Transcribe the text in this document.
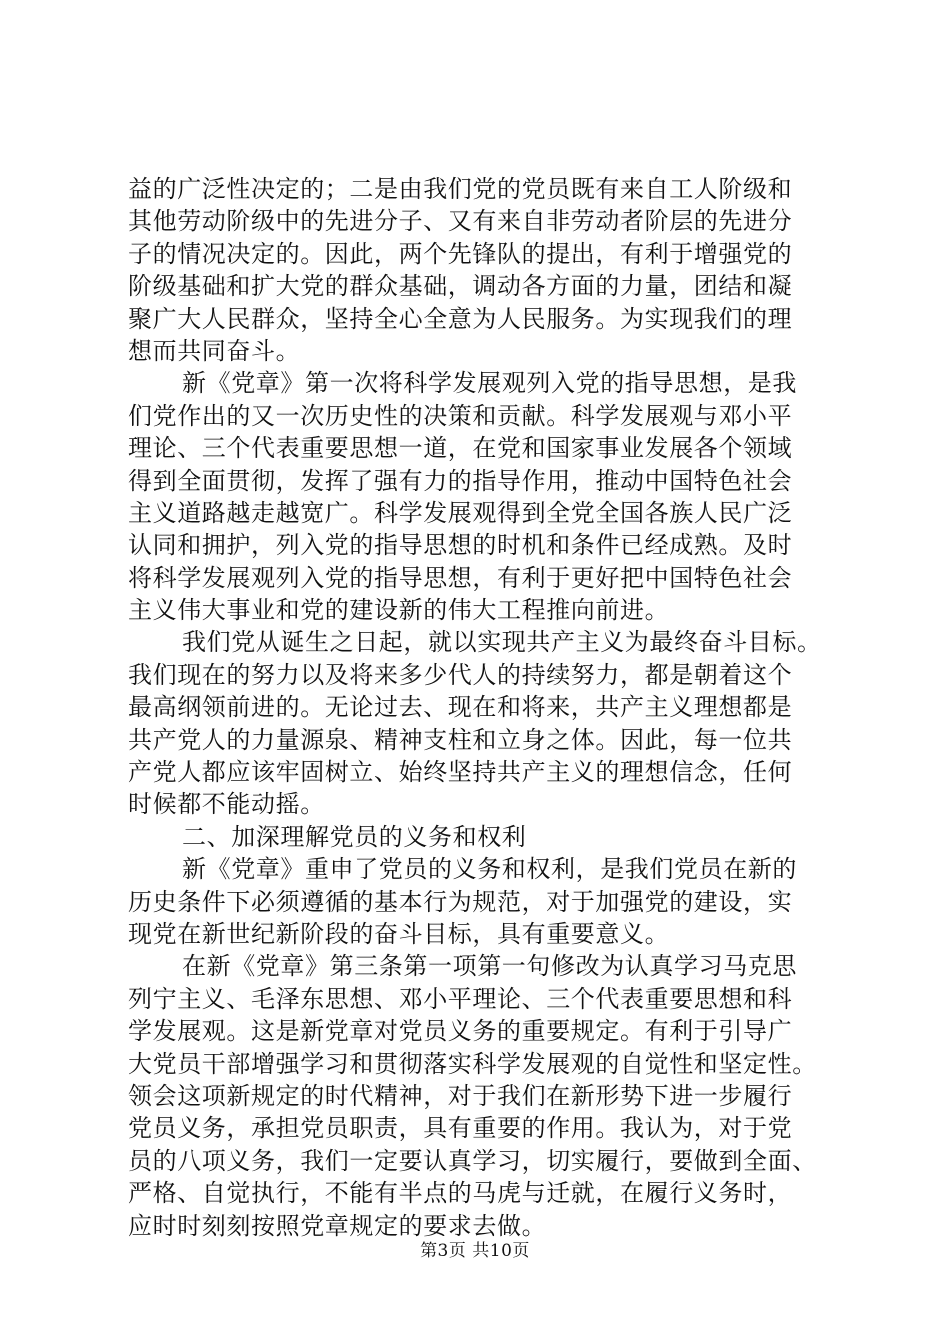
益的广泛性决定的；二是由我们党的党员既有来自工人阶级和
其他劳动阶级中的先进分子、又有来自非劳动者阶层的先进分
子的情况决定的。因此，两个先锋队的提出，有利于增强党的
阶级基础和扩大党的群众基础，调动各方面的力量，团结和凝
聚广大人民群众，坚持全心全意为人民服务。为实现我们的理
想而共同奋斗。
新《党章》第一次将科学发展观列入党的指导思想，是我
们党作出的又一次历史性的决策和贡献。科学发展观与邓小平
理论、三个代表重要思想一道，在党和国家事业发展各个领域
得到全面贯彻，发挥了强有力的指导作用，推动中国特色社会
主义道路越走越宽广。科学发展观得到全党全国各族人民广泛
认同和拥护，列入党的指导思想的时机和条件已经成熟。及时
将科学发展观列入党的指导思想，有利于更好把中国特色社会
主义伟大事业和党的建设新的伟大工程推向前进。
我们党从诞生之日起，就以实现共产主义为最终奋斗目标。
我们现在的努力以及将来多少代人的持续努力，都是朝着这个
最高纲领前进的。无论过去、现在和将来，共产主义理想都是
共产党人的力量源泉、精神支柱和立身之体。因此，每一位共
产党人都应该牢固树立、始终坚持共产主义的理想信念，任何
时候都不能动摇。
二、加深理解党员的义务和权利
新《党章》重申了党员的义务和权利，是我们党员在新的
历史条件下必须遵循的基本行为规范，对于加强党的建设，实
现党在新世纪新阶段的奋斗目标，具有重要意义。
在新《党章》第三条第一项第一句修改为认真学习马克思
列宁主义、毛泽东思想、邓小平理论、三个代表重要思想和科
学发展观。这是新党章对党员义务的重要规定。有利于引导广
大党员干部增强学习和贯彻落实科学发展观的自觉性和坚定性。
领会这项新规定的时代精神，对于我们在新形势下进一步履行
党员义务，承担党员职责，具有重要的作用。我认为，对于党
员的八项义务，我们一定要认真学习，切实履行，要做到全面、
严格、自觉执行，不能有半点的马虎与迁就，在履行义务时，
应时时刻刻按照党章规定的要求去做。
第3页 共10页
